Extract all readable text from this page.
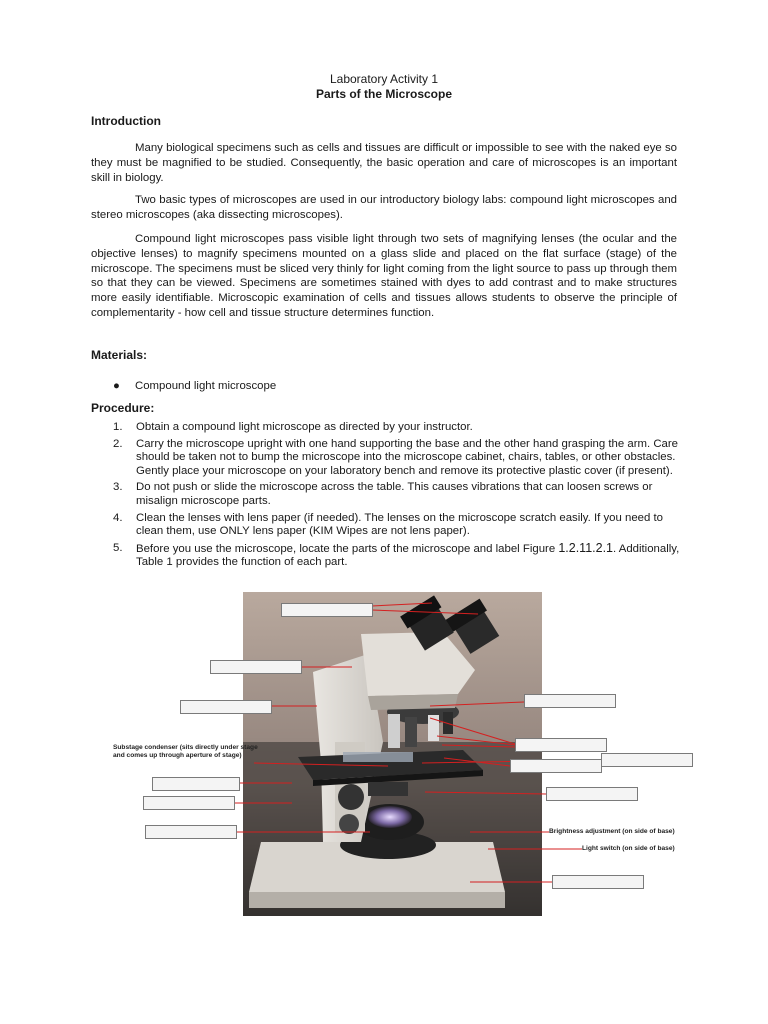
Laboratory Activity 1
Parts of the Microscope
Introduction

Many biological specimens such as cells and tissues are difficult or impossible to see with the naked eye so they must be magnified to be studied. Consequently, the basic operation and care of microscopes is an important skill in biology.

Two basic types of microscopes are used in our introductory biology labs: compound light microscopes and stereo microscopes (aka dissecting microscopes).

Compound light microscopes pass visible light through two sets of magnifying lenses (the ocular and the objective lenses) to magnify specimens mounted on a glass slide and placed on the flat surface (stage) of the microscope. The specimens must be sliced very thinly for light coming from the light source to pass up through them so that they can be viewed. Specimens are sometimes stained with dyes to add contrast and to make structures more easily identifiable. Microscopic examination of cells and tissues allows students to observe the principle of complementarity - how cell and tissue structure determines function.

Materials:
● Compound light microscope
Procedure:
1. Obtain a compound light microscope as directed by your instructor.
2. Carry the microscope upright with one hand supporting the base and the other hand grasping the arm. Care should be taken not to bump the microscope into the microscope cabinet, chairs, tables, or other obstacles. Gently place your microscope on your laboratory bench and remove its protective plastic cover (if present).
3. Do not push or slide the microscope across the table. This causes vibrations that can loosen screws or misalign microscope parts.
4. Clean the lenses with lens paper (if needed). The lenses on the microscope scratch easily. If you need to clean them, use ONLY lens paper (KIM Wipes are not lens paper).
5. Before you use the microscope, locate the parts of the microscope and label Figure 1.2.11.2.1. Additionally, Table 1 provides the function of each part.
Substage condenser (sits directly under stage and comes up through aperture of stage)
Brightness adjustment (on side of base)
Light switch (on side of base)
